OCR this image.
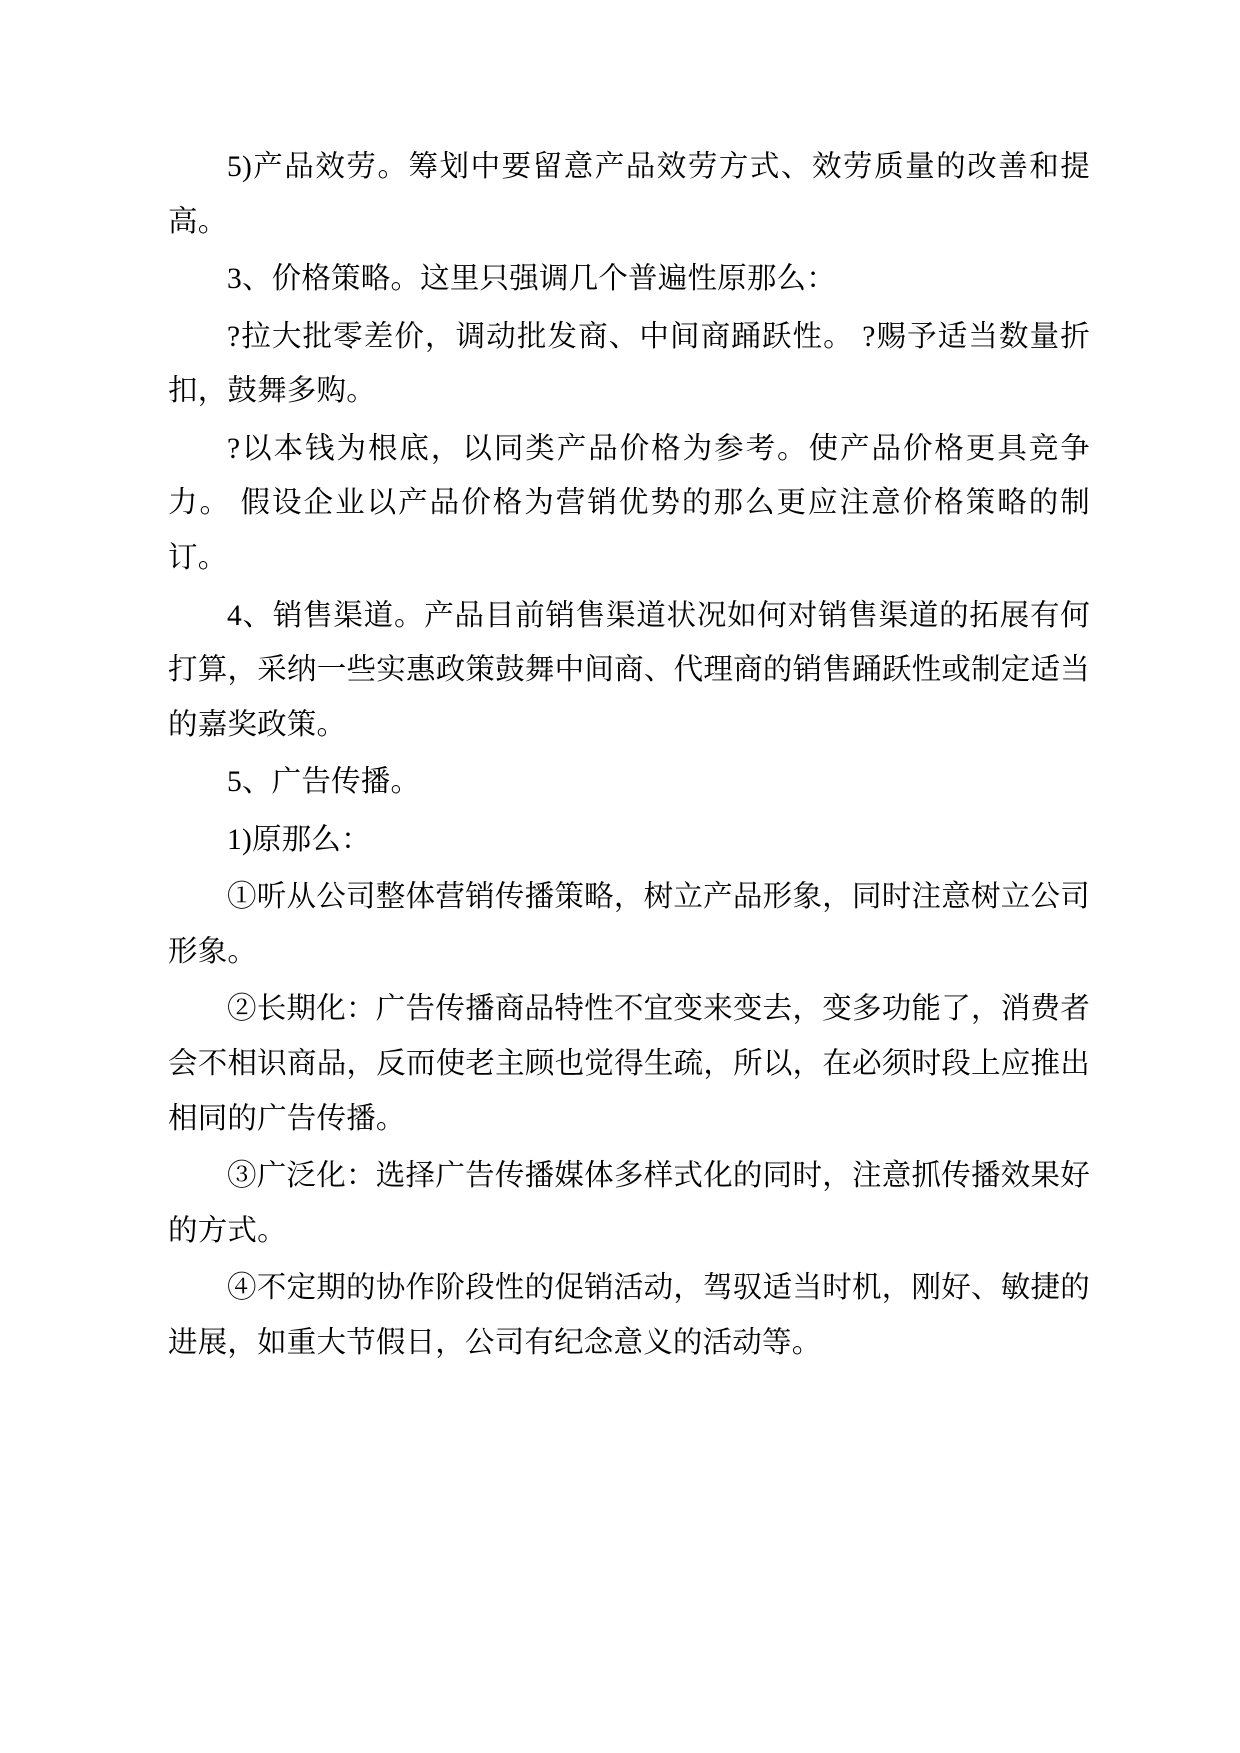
5)产品效劳。筹划中要留意产品效劳方式、效劳质量的改善和提高。

3、价格策略。这里只强调几个普遍性原那么：

?拉大批零差价，调动批发商、中间商踊跃性。 ?赐予适当数量折扣，鼓舞多购。

?以本钱为根底，以同类产品价格为参考。使产品价格更具竞争力。 假设企业以产品价格为营销优势的那么更应注意价格策略的制订。

4、销售渠道。产品目前销售渠道状况如何对销售渠道的拓展有何打算，采纳一些实惠政策鼓舞中间商、代理商的销售踊跃性或制定适当的嘉奖政策。

5、广告传播。

1)原那么：

①听从公司整体营销传播策略，树立产品形象，同时注意树立公司形象。

②长期化：广告传播商品特性不宜变来变去，变多功能了，消费者会不相识商品，反而使老主顾也觉得生疏，所以，在必须时段上应推出相同的广告传播。

③广泛化：选择广告传播媒体多样式化的同时，注意抓传播效果好的方式。

④不定期的协作阶段性的促销活动，驾驭适当时机，刚好、敏捷的进展，如重大节假日，公司有纪念意义的活动等。
